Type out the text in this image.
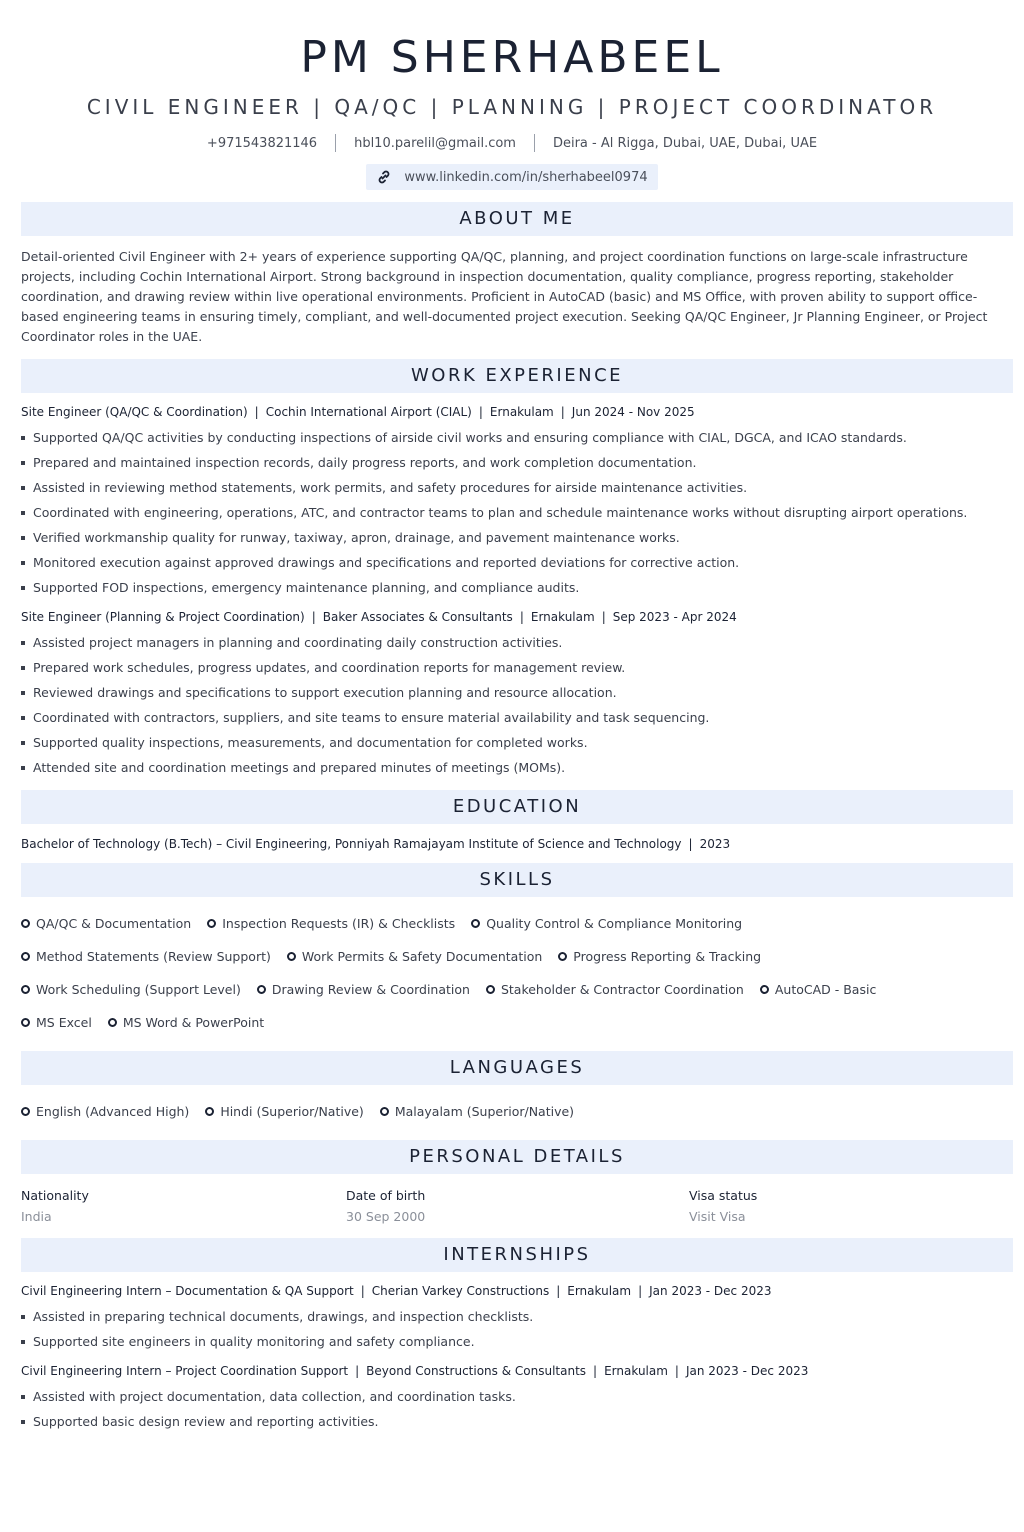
PM SHERHABEEL
CIVIL ENGINEER | QA/QC | PLANNING | PROJECT COORDINATOR
+971543821146	hbl10.parelil@gmail.com	Deira - Al Rigga, Dubai, UAE, Dubai, UAE
www.linkedin.com/in/sherhabeel0974
ABOUT ME
Detail-oriented Civil Engineer with 2+ years of experience supporting QA/QC, planning, and project coordination functions on large-scale infrastructure projects, including Cochin International Airport. Strong background in inspection documentation, quality compliance, progress reporting, stakeholder coordination, and drawing review within live operational environments. Proficient in AutoCAD (basic) and MS Office, with proven ability to support office-based engineering teams in ensuring timely, compliant, and well-documented project execution. Seeking QA/QC Engineer, Jr Planning Engineer, or Project Coordinator roles in the UAE.
WORK EXPERIENCE
Site Engineer (QA/QC & Coordination) | Cochin International Airport (CIAL) | Ernakulam | Jun 2024 - Nov 2025
Supported QA/QC activities by conducting inspections of airside civil works and ensuring compliance with CIAL, DGCA, and ICAO standards.
Prepared and maintained inspection records, daily progress reports, and work completion documentation.
Assisted in reviewing method statements, work permits, and safety procedures for airside maintenance activities.
Coordinated with engineering, operations, ATC, and contractor teams to plan and schedule maintenance works without disrupting airport operations.
Verified workmanship quality for runway, taxiway, apron, drainage, and pavement maintenance works.
Monitored execution against approved drawings and specifications and reported deviations for corrective action.
Supported FOD inspections, emergency maintenance planning, and compliance audits.
Site Engineer (Planning & Project Coordination) | Baker Associates & Consultants | Ernakulam | Sep 2023 - Apr 2024
Assisted project managers in planning and coordinating daily construction activities.
Prepared work schedules, progress updates, and coordination reports for management review.
Reviewed drawings and specifications to support execution planning and resource allocation.
Coordinated with contractors, suppliers, and site teams to ensure material availability and task sequencing.
Supported quality inspections, measurements, and documentation for completed works.
Attended site and coordination meetings and prepared minutes of meetings (MOMs).
EDUCATION
Bachelor of Technology (B.Tech) – Civil Engineering, Ponniyah Ramajayam Institute of Science and Technology | 2023
SKILLS
QA/QC & Documentation Inspection Requests (IR) & Checklists Quality Control & Compliance Monitoring
Method Statements (Review Support) Work Permits & Safety Documentation Progress Reporting & Tracking
Work Scheduling (Support Level) Drawing Review & Coordination Stakeholder & Contractor Coordination AutoCAD - Basic
MS Excel MS Word & PowerPoint
LANGUAGES
English (Advanced High) Hindi (Superior/Native) Malayalam (Superior/Native)
PERSONAL DETAILS
Nationality
India
Date of birth
30 Sep 2000
Visa status
Visit Visa
INTERNSHIPS
Civil Engineering Intern – Documentation & QA Support | Cherian Varkey Constructions | Ernakulam | Jan 2023 - Dec 2023
Assisted in preparing technical documents, drawings, and inspection checklists.
Supported site engineers in quality monitoring and safety compliance.
Civil Engineering Intern – Project Coordination Support | Beyond Constructions & Consultants | Ernakulam | Jan 2023 - Dec 2023
Assisted with project documentation, data collection, and coordination tasks.
Supported basic design review and reporting activities.
